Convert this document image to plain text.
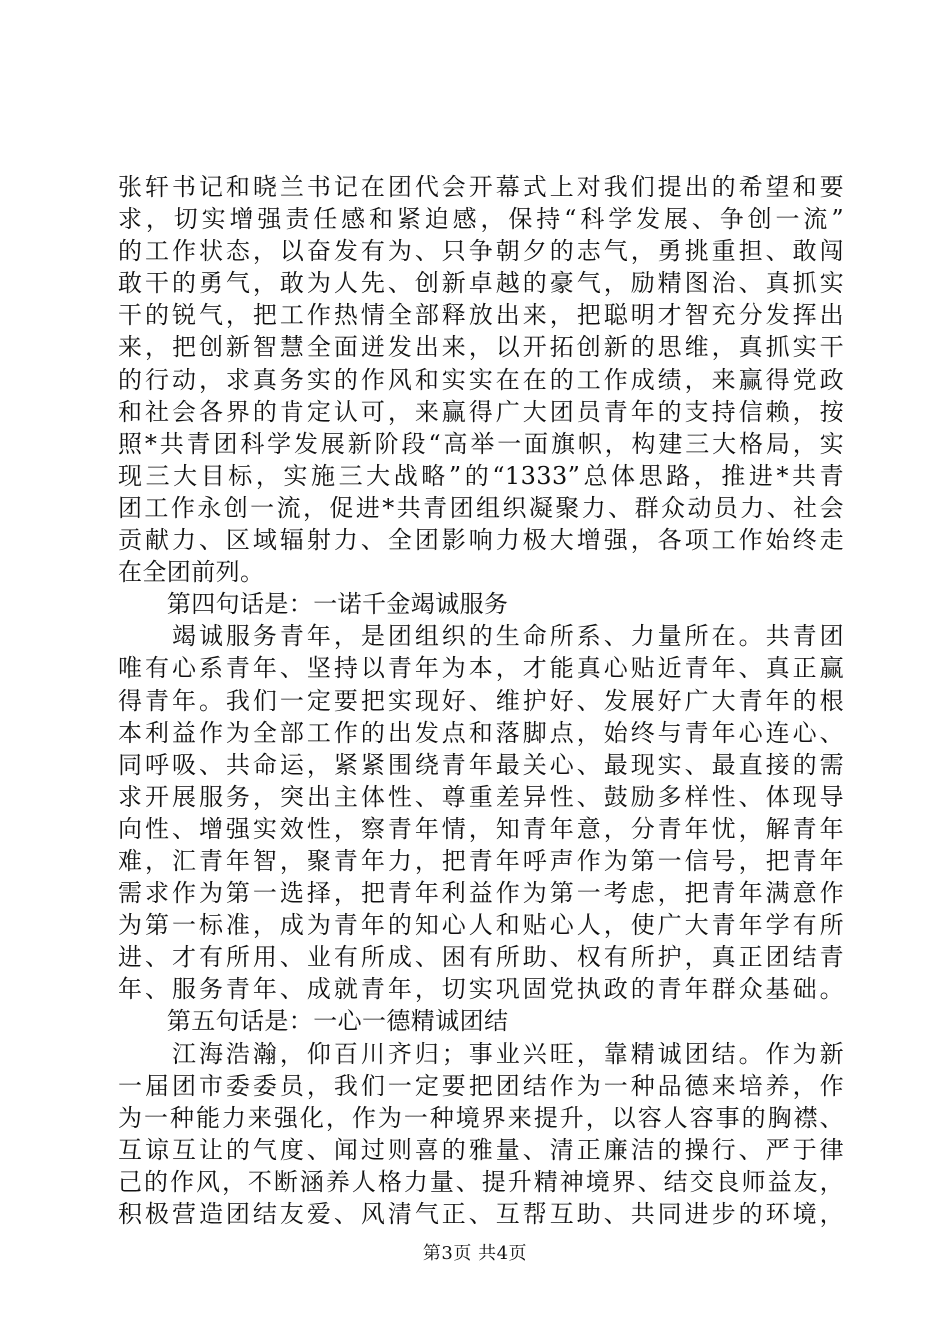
张轩书记和晓兰书记在团代会开幕式上对我们提出的希望和要
求，切实增强责任感和紧迫感，保持“科学发展、争创一流”
的工作状态，以奋发有为、只争朝夕的志气，勇挑重担、敢闯
敢干的勇气，敢为人先、创新卓越的豪气，励精图治、真抓实
干的锐气，把工作热情全部释放出来，把聪明才智充分发挥出
来，把创新智慧全面迸发出来，以开拓创新的思维，真抓实干
的行动，求真务实的作风和实实在在的工作成绩，来赢得党政
和社会各界的肯定认可，来赢得广大团员青年的支持信赖，按
照*共青团科学发展新阶段“高举一面旗帜，构建三大格局，实
现三大目标，实施三大战略”的“1333”总体思路，推进*共青
团工作永创一流，促进*共青团组织凝聚力、群众动员力、社会
贡献力、区域辐射力、全团影响力极大增强，各项工作始终走
在全团前列。
　　第四句话是：一诺千金竭诚服务
　　竭诚服务青年，是团组织的生命所系、力量所在。共青团
唯有心系青年、坚持以青年为本，才能真心贴近青年、真正赢
得青年。我们一定要把实现好、维护好、发展好广大青年的根
本利益作为全部工作的出发点和落脚点，始终与青年心连心、
同呼吸、共命运，紧紧围绕青年最关心、最现实、最直接的需
求开展服务，突出主体性、尊重差异性、鼓励多样性、体现导
向性、增强实效性，察青年情，知青年意，分青年忧，解青年
难，汇青年智，聚青年力，把青年呼声作为第一信号，把青年
需求作为第一选择，把青年利益作为第一考虑，把青年满意作
为第一标准，成为青年的知心人和贴心人，使广大青年学有所
进、才有所用、业有所成、困有所助、权有所护，真正团结青
年、服务青年、成就青年，切实巩固党执政的青年群众基础。
　　第五句话是：一心一德精诚团结
　　江海浩瀚，仰百川齐归；事业兴旺，靠精诚团结。作为新
一届团市委委员，我们一定要把团结作为一种品德来培养，作
为一种能力来强化，作为一种境界来提升，以容人容事的胸襟、
互谅互让的气度、闻过则喜的雅量、清正廉洁的操行、严于律
己的作风，不断涵养人格力量、提升精神境界、结交良师益友，
积极营造团结友爱、风清气正、互帮互助、共同进步的环境，
第3页 共4页
